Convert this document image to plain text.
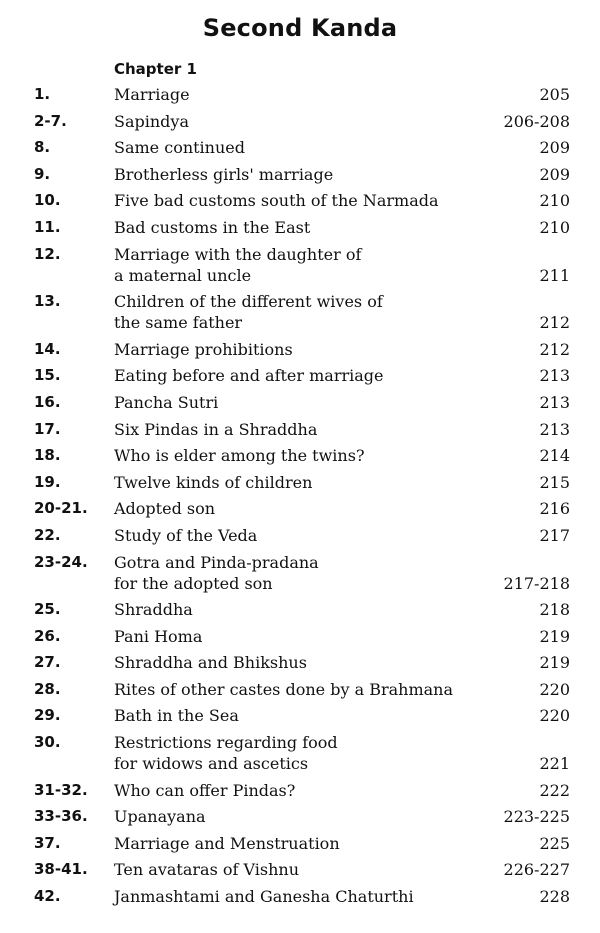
Second Kanda
Chapter 1
1.	Marriage	205
2-7.	Sapindya	206-208
8.	Same continued	209
9.	Brotherless girls' marriage	209
10.	Five bad customs south of the Narmada	210
11.	Bad customs in the East	210
12.	Marriage with the daughter of
a maternal uncle	211
13.	Children of the different wives of
the same father	212
14.	Marriage prohibitions	212
15.	Eating before and after marriage	213
16.	Pancha Sutri	213
17.	Six Pindas in a Shraddha	213
18.	Who is elder among the twins?	214
19.	Twelve kinds of children	215
20-21. Adopted son	216
22.	Study of the Veda	217
23-24. Gotra and Pinda-pradana
for the adopted son	217-218
25.	Shraddha	218
26.	Pani Homa	219
27.	Shraddha and Bhikshus	219
28.	Rites of other castes done by a Brahmana	220
29.	Bath in the Sea	220
30.	Restrictions regarding food
for widows and ascetics	221
31-32. Who can offer Pindas?	222
33-36. Upanayana	223-225
37.	Marriage and Menstruation	225
38-41. Ten avataras of Vishnu	226-227
42.	Janmashtami and Ganesha Chaturthi	228
